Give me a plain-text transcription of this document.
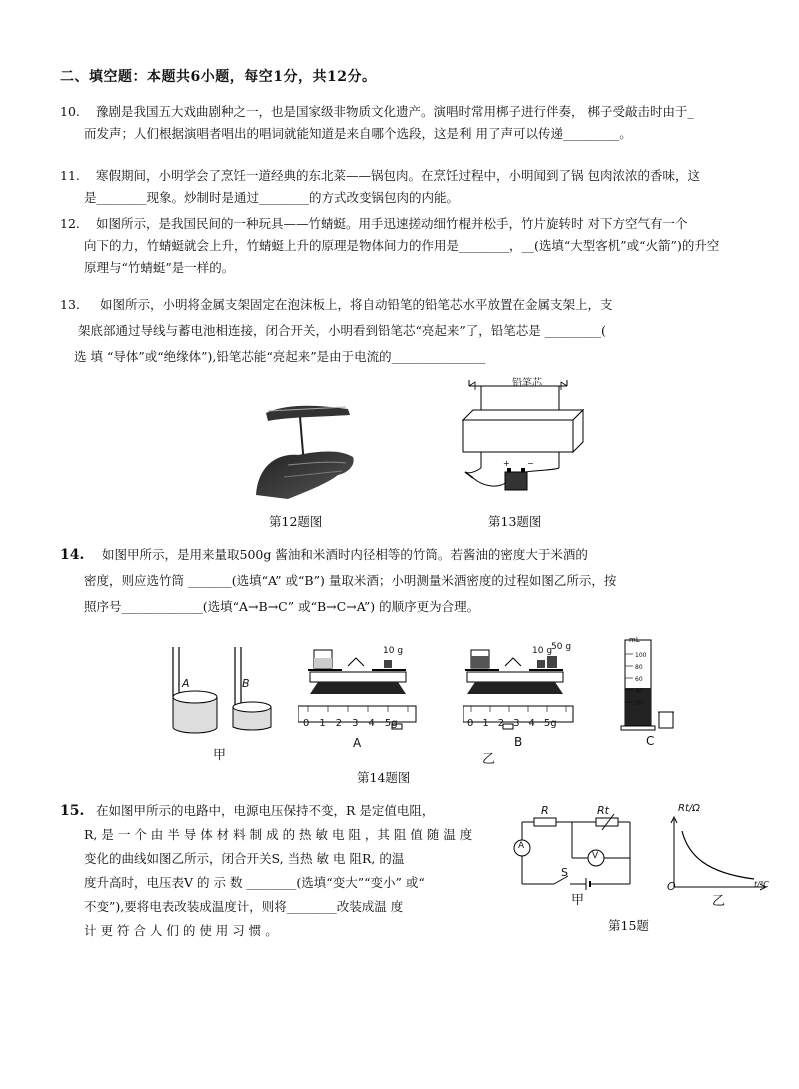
二、填空题：本题共6小题，每空1分，共12分。
10. 豫剧是我国五大戏曲剧种之一，也是国家级非物质文化遗产。演唱时常用梆子进行伴奏， 梆子受敲击时由于_
而发声；人们根据演唱者唱出的唱词就能知道是来自哪个选段，这是利 用了声可以传递_________。
11. 寒假期间，小明学会了烹饪一道经典的东北菜——锅包肉。在烹饪过程中，小明闻到了锅 包肉浓浓的香味，这
是________现象。炒制时是通过________的方式改变锅包肉的内能。
12. 如图所示，是我国民间的一种玩具——竹蜻蜓。用手迅速搓动细竹棍并松手，竹片旋转时 对下方空气有一个
向下的力，竹蜻蜓就会上升，竹蜻蜓上升的原理是物体间力的作用是________，__(选填“大型客机”或“火箭”)的升空
原理与“竹蜻蜓”是一样的。
13. 如图所示，小明将金属支架固定在泡沫板上，将自动铅笔的铅笔芯水平放置在金属支架上，支
架底部通过导线与蓄电池相连接，闭合开关，小明看到铅笔芯“亮起来”了，铅笔芯是 _________(
选 填 “导体”或“绝缘体”),铅笔芯能“亮起来”是由于电流的_______________
第12题图
+ −
铅笔芯
第13题图
14. 如图甲所示，是用来量取500g 酱油和米酒时内径相等的竹筒。若酱油的密度大于米酒的
密度，则应选竹筒 _______(选填“A” 或“B”) 量取米酒；小明测量米酒密度的过程如图乙所示，按
照序号_____________(选填“A→B→C” 或“B→C→A”) 的顺序更为合理。
A	B
甲
10 g
012345g
A
10 g
50 g
012345g
B
乙
mL
100
80
60
40
20
C
第14题图
15. 在如图甲所示的电路中，电源电压保持不变，R 是定值电阻，
R, 是 一 个 由 半 导 体 材 料 制 成 的 热 敏 电 阻 ，其 阻 值 随 温 度
变化的曲线如图乙所示，闭合开关S, 当热 敏 电 阻R, 的温
度升高时，电压表V 的 示 数 ________(选填“变大”“变小” 或“
不变”),要将电表改装成温度计，则将________改装成温 度
计 更 符 合 人 们 的 使 用 习 惯 。
R	Rt
A
V
S
甲
Rt/Ω
O	t/℃
乙
第15题
